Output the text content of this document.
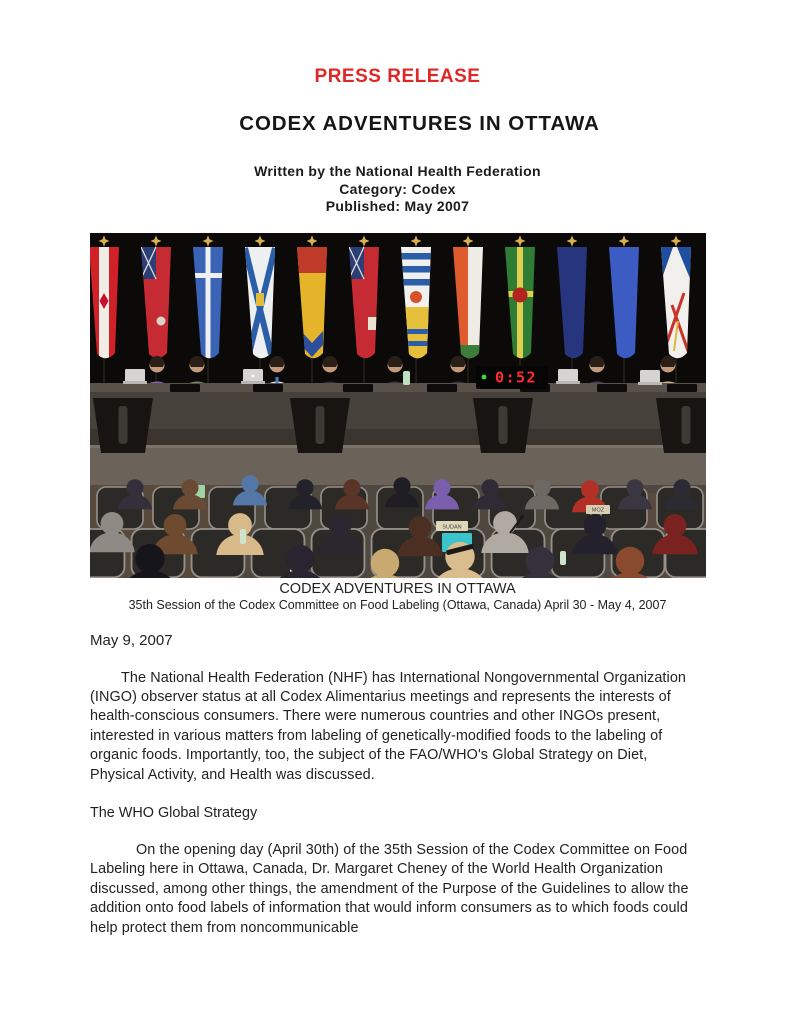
PRESS RELEASE
CODEX ADVENTURES IN OTTAWA
Written by the National Health Federation
Category: Codex
Published: May 2007
0:52
SUDAN
MOZ
CODEX ADVENTURES IN OTTAWA
35th Session of the Codex Committee on Food Labeling (Ottawa, Canada) April 30 - May 4, 2007
May 9, 2007

The National Health Federation (NHF) has International Nongovernmental Organization (INGO) observer status at all Codex Alimentarius meetings and represents the interests of health-conscious consumers. There were numerous countries and other INGOs present, interested in various matters from labeling of genetically-modified foods to the labeling of organic foods. Importantly, too, the subject of the FAO/WHO's Global Strategy on Diet, Physical Activity, and Health was discussed.

The WHO Global Strategy

On the opening day (April 30th) of the 35th Session of the Codex Committee on Food Labeling here in Ottawa, Canada, Dr. Margaret Cheney of the World Health Organization discussed, among other things, the amendment of the Purpose of the Guidelines to allow the addition onto food labels of information that would inform consumers as to which foods could help protect them from noncommunicable
